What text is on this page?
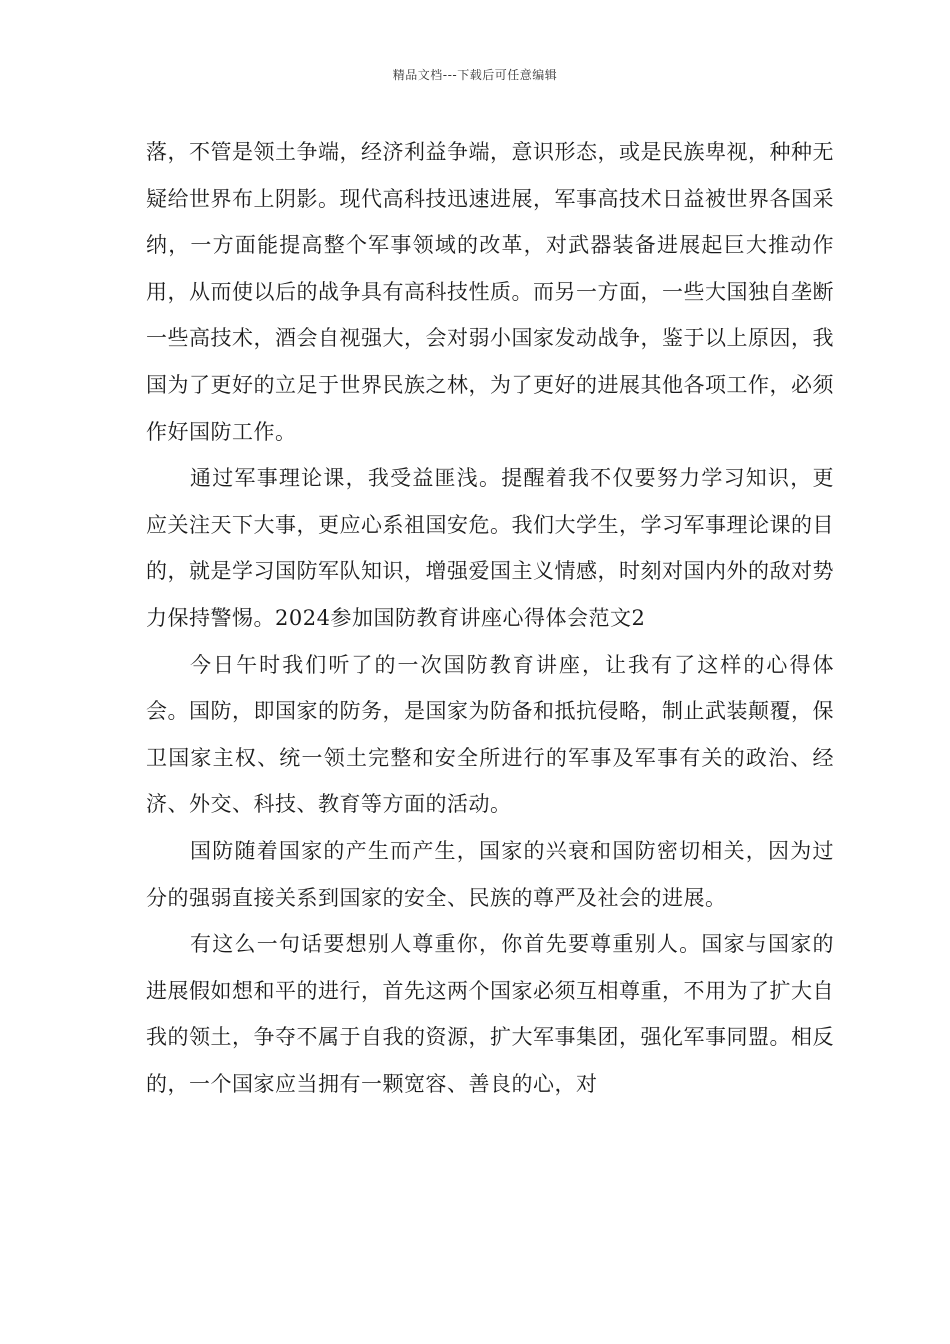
精品文档---下载后可任意编辑

落，不管是领土争端，经济利益争端，意识形态，或是民族卑视，种种无疑给世界布上阴影。现代高科技迅速进展，军事高技术日益被世界各国采纳，一方面能提高整个军事领域的改革，对武器装备进展起巨大推动作用，从而使以后的战争具有高科技性质。而另一方面，一些大国独自垄断一些高技术，酒会自视强大，会对弱小国家发动战争，鉴于以上原因，我国为了更好的立足于世界民族之林，为了更好的进展其他各项工作，必须作好国防工作。

通过军事理论课，我受益匪浅。提醒着我不仅要努力学习知识，更应关注天下大事，更应心系祖国安危。我们大学生，学习军事理论课的目的，就是学习国防军队知识，增强爱国主义情感，时刻对国内外的敌对势力保持警惕。2024参加国防教育讲座心得体会范文2

今日午时我们听了的一次国防教育讲座，让我有了这样的心得体会。国防，即国家的防务，是国家为防备和抵抗侵略，制止武装颠覆，保卫国家主权、统一领土完整和安全所进行的军事及军事有关的政治、经济、外交、科技、教育等方面的活动。

国防随着国家的产生而产生，国家的兴衰和国防密切相关，因为过分的强弱直接关系到国家的安全、民族的尊严及社会的进展。

有这么一句话要想别人尊重你，你首先要尊重别人。国家与国家的进展假如想和平的进行，首先这两个国家必须互相尊重，不用为了扩大自我的领土，争夺不属于自我的资源，扩大军事集团，强化军事同盟。相反的，一个国家应当拥有一颗宽容、善良的心，对
